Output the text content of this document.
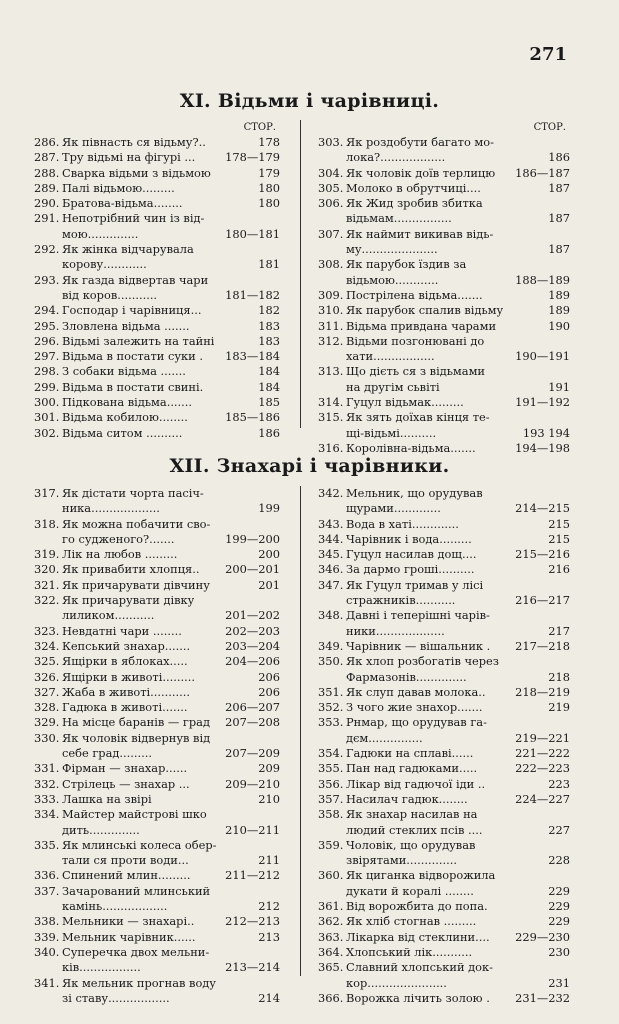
271
XI. Відьми і чарівниці.
СТОР.
286. Як півнасть ся відьму?..	178
287. Тру відьмі на фігурі ...	178—179
288. Сварка відьми з відьмою	179
289. Палі відьмою.........	180
290. Братова-відьма........	180
291. Непотрібний чин із від-
мою..............	180—181
292. Як жінка відчарувала
корову............	181
293. Як газда відвертав чари
від коров...........	181—182
294. Господар і чарівниця...	182
295. Зловлена відьма .......	183
296. Відьмі залежить на тайні	183
297. Відьма в постати суки .	183—184
298. З собаки відьма .......	184
299. Відьма в постати свині.	184
300. Підкована відьма.......	185
301. Відьма кобилою........	185—186
302. Відьма ситом ..........	186
СТОР.
303. Як роздобути багато мо-
лока?..................	186
304. Як чоловік доїв терлицю	186—187
305. Молоко в обрутчиці....	187
306. Як Жид зробив збитка
відьмам................	187
307. Як наймит викивав відь-
му.....................	187
308. Як парубок їздив за
відьмою............	188—189
309. Пострілена відьма.......	189
310. Як парубок спалив відьму	189
311. Відьма привдана чарами	190
312. Відьми позгонювані до
хати.................	190—191
313. Що дієть ся з відьмами
на другім сьвіті	191
314. Гуцул відьмак.........	191—192
315. Як зять доїхав кінця те-
щі-відьмі..........	193 194
316. Королівна-відьма.......	194—198
XII. Знахарі і чарівники.
317. Як дістати чорта пасіч-
ника...................	199
318. Як можна побачити сво-
го судженого?.......	199—200
319. Лік на любов .........	200
320. Як привабити хлопця..	200—201
321. Як причарувати дівчину	201
322. Як причарувати дівку
лиликом...........	201—202
323. Невдатні чари ........	202—203
324. Кепський знахар.......	203—204
325. Ящірки в яблоках.....	204—206
326. Ящірки в животі.........	206
327. Жаба в животі...........	206
328. Гадюка в животі.......	206—207
329. На місце баранів — град	207—208
330. Як чоловік відвернув від
себе град.........	207—209
331. Фірман — знахар......	209
332. Стрілець — знахар ...	209—210
333. Лашка на звірі	210
334. Майстер майстрові шко
дить..............	210—211
335. Як млинські колеса обер-
тали ся проти води...	211
336. Спинений млин.........	211—212
337. Зачарований млинський
камінь..................	212
338. Мельники — знахарі..	212—213
339. Мельник чарівник......	213
340. Суперечка двох мельни-
ків.................	213—214
341. Як мельник прогнав воду
зі ставу.................	214
342. Мельник, що орудував
щурами.............	214—215
343. Вода в хаті.............	215
344. Чарівник і вода.........	215
345. Гуцул насилав дощ....	215—216
346. За дармо гроші..........	216
347. Як Гуцул тримав у лісі
стражників...........	216—217
348. Давні і теперішні чарів-
ники...................	217
349. Чарівник — вішальник .	217—218
350. Як хлоп розбогатів через
Фармазонів..............	218
351. Як слуп давав молока..	218—219
352. З чого жие знахор.......	219
353. Рнмар, що орудував га-
дєм...............	219—221
354. Гадюки на сплаві......	221—222
355. Пан над гадюками.....	222—223
356. Лікар від гадючої іди ..	223
357. Насилач гадюк........	224—227
358. Як знахар насилав на
людий стеклих псів ....	227
359. Чоловік, що орудував
звірятами..............	228
360. Як циганка відворожила
дукати й коралі ........	229
361. Від ворожбита до попа.	229
362. Як хліб стогнав .........	229
363. Лікарка від стеклини....	229—230
364. Хлопський лік...........	230
365. Славний хлопський док-
кор......................	231
366. Ворожка лічить золою .	231—232
